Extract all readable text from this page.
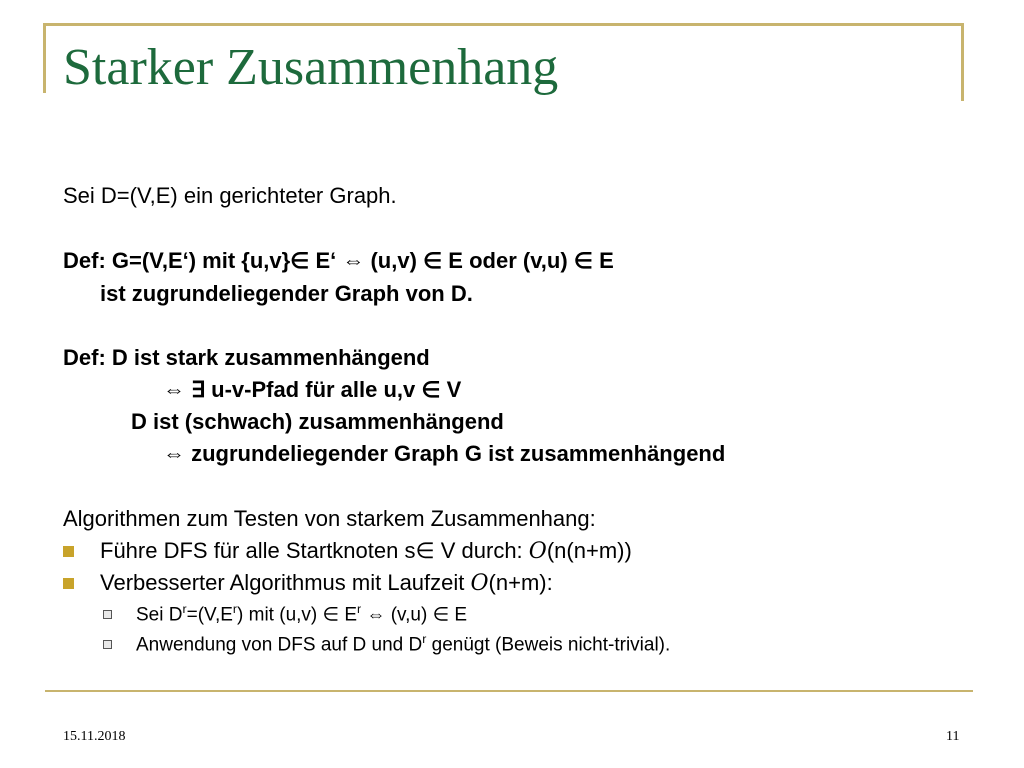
Starker Zusammenhang
Sei D=(V,E) ein gerichteter Graph.
Def: G=(V,E‘) mit {u,v}∈ E‘ ⇔ (u,v) ∈ E oder (v,u) ∈ E
ist zugrundeliegender Graph von D.
Def: D ist stark zusammenhängend
⇔ ∃ u-v-Pfad für alle u,v ∈ V
D ist (schwach) zusammenhängend
⇔ zugrundeliegender Graph G ist zusammenhängend
Algorithmen zum Testen von starkem Zusammenhang:
Führe DFS für alle Startknoten s∈ V durch: O(n(n+m))
Verbesserter Algorithmus mit Laufzeit O(n+m):
Sei $D^r=(V,E^r)$ mit (u,v) ∈ $E^r$ ⇔ (v,u) ∈ E
Anwendung von DFS auf D und $D^r$ genügt (Beweis nicht-trivial).
15.11.2018	11
